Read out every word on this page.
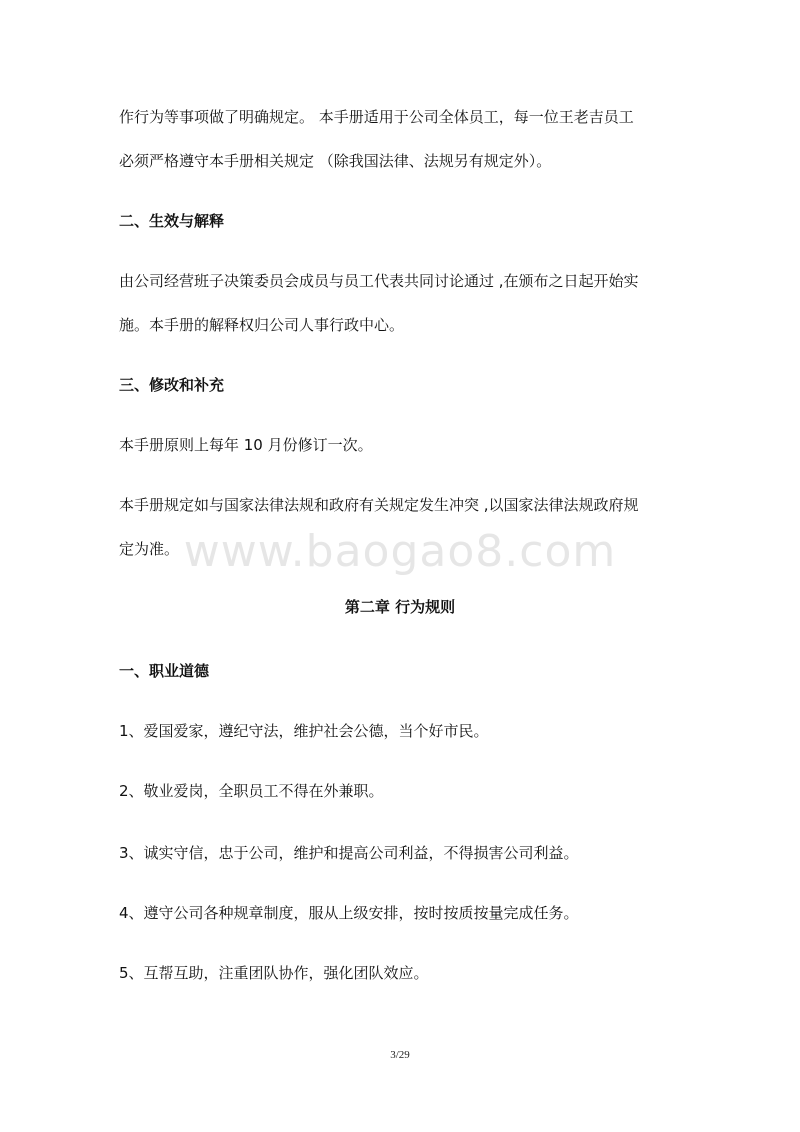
作行为等事项做了明确规定。 本手册适用于公司全体员工，每一位王老吉员工
必须严格遵守本手册相关规定 （除我国法律、法规另有规定外）。
二、生效与解释
由公司经营班子决策委员会成员与员工代表共同讨论通过 ,在颁布之日起开始实
施。本手册的解释权归公司人事行政中心。
三、修改和补充
本手册原则上每年 10 月份修订一次。
本手册规定如与国家法律法规和政府有关规定发生冲突 ,以国家法律法规政府规
定为准。 www.baogao8.com
第二章 行为规则
一、职业道德
1、爱国爱家，遵纪守法，维护社会公德，当个好市民。
2、敬业爱岗，全职员工不得在外兼职。
3、诚实守信，忠于公司，维护和提高公司利益，不得损害公司利益。
4、遵守公司各种规章制度，服从上级安排，按时按质按量完成任务。
5、互帮互助，注重团队协作，强化团队效应。
3/29
